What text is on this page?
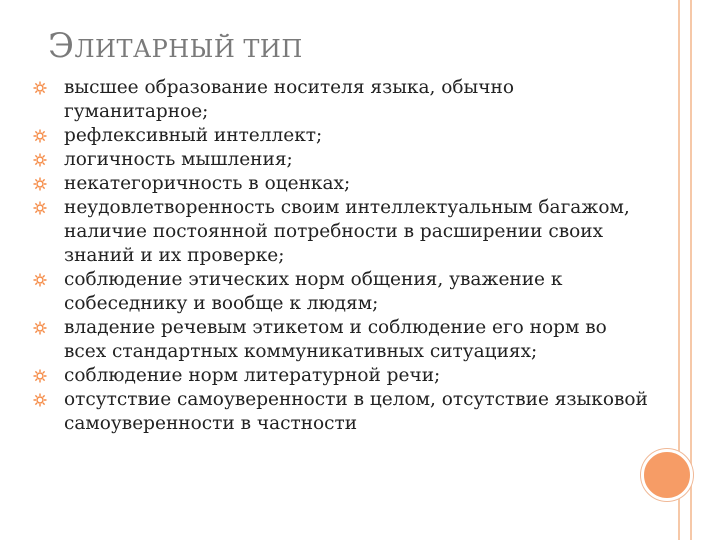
ЭЛИТАРНЫЙ ТИП
высшее образование носителя языка, обычно гуманитарное;
рефлексивный интеллект;
логичность мышления;
некатегоричность в оценках;
неудовлетворенность своим интеллектуальным багажом, наличие постоянной потребности в расширении своих знаний и их проверке;
соблюдение этических норм общения, уважение к собеседнику и вообще к людям;
владение речевым этикетом и соблюдение его норм во всех стандартных коммуникативных ситуациях;
соблюдение норм литературной речи;
отсутствие самоуверенности в целом, отсутствие языковой самоуверенности в частности
